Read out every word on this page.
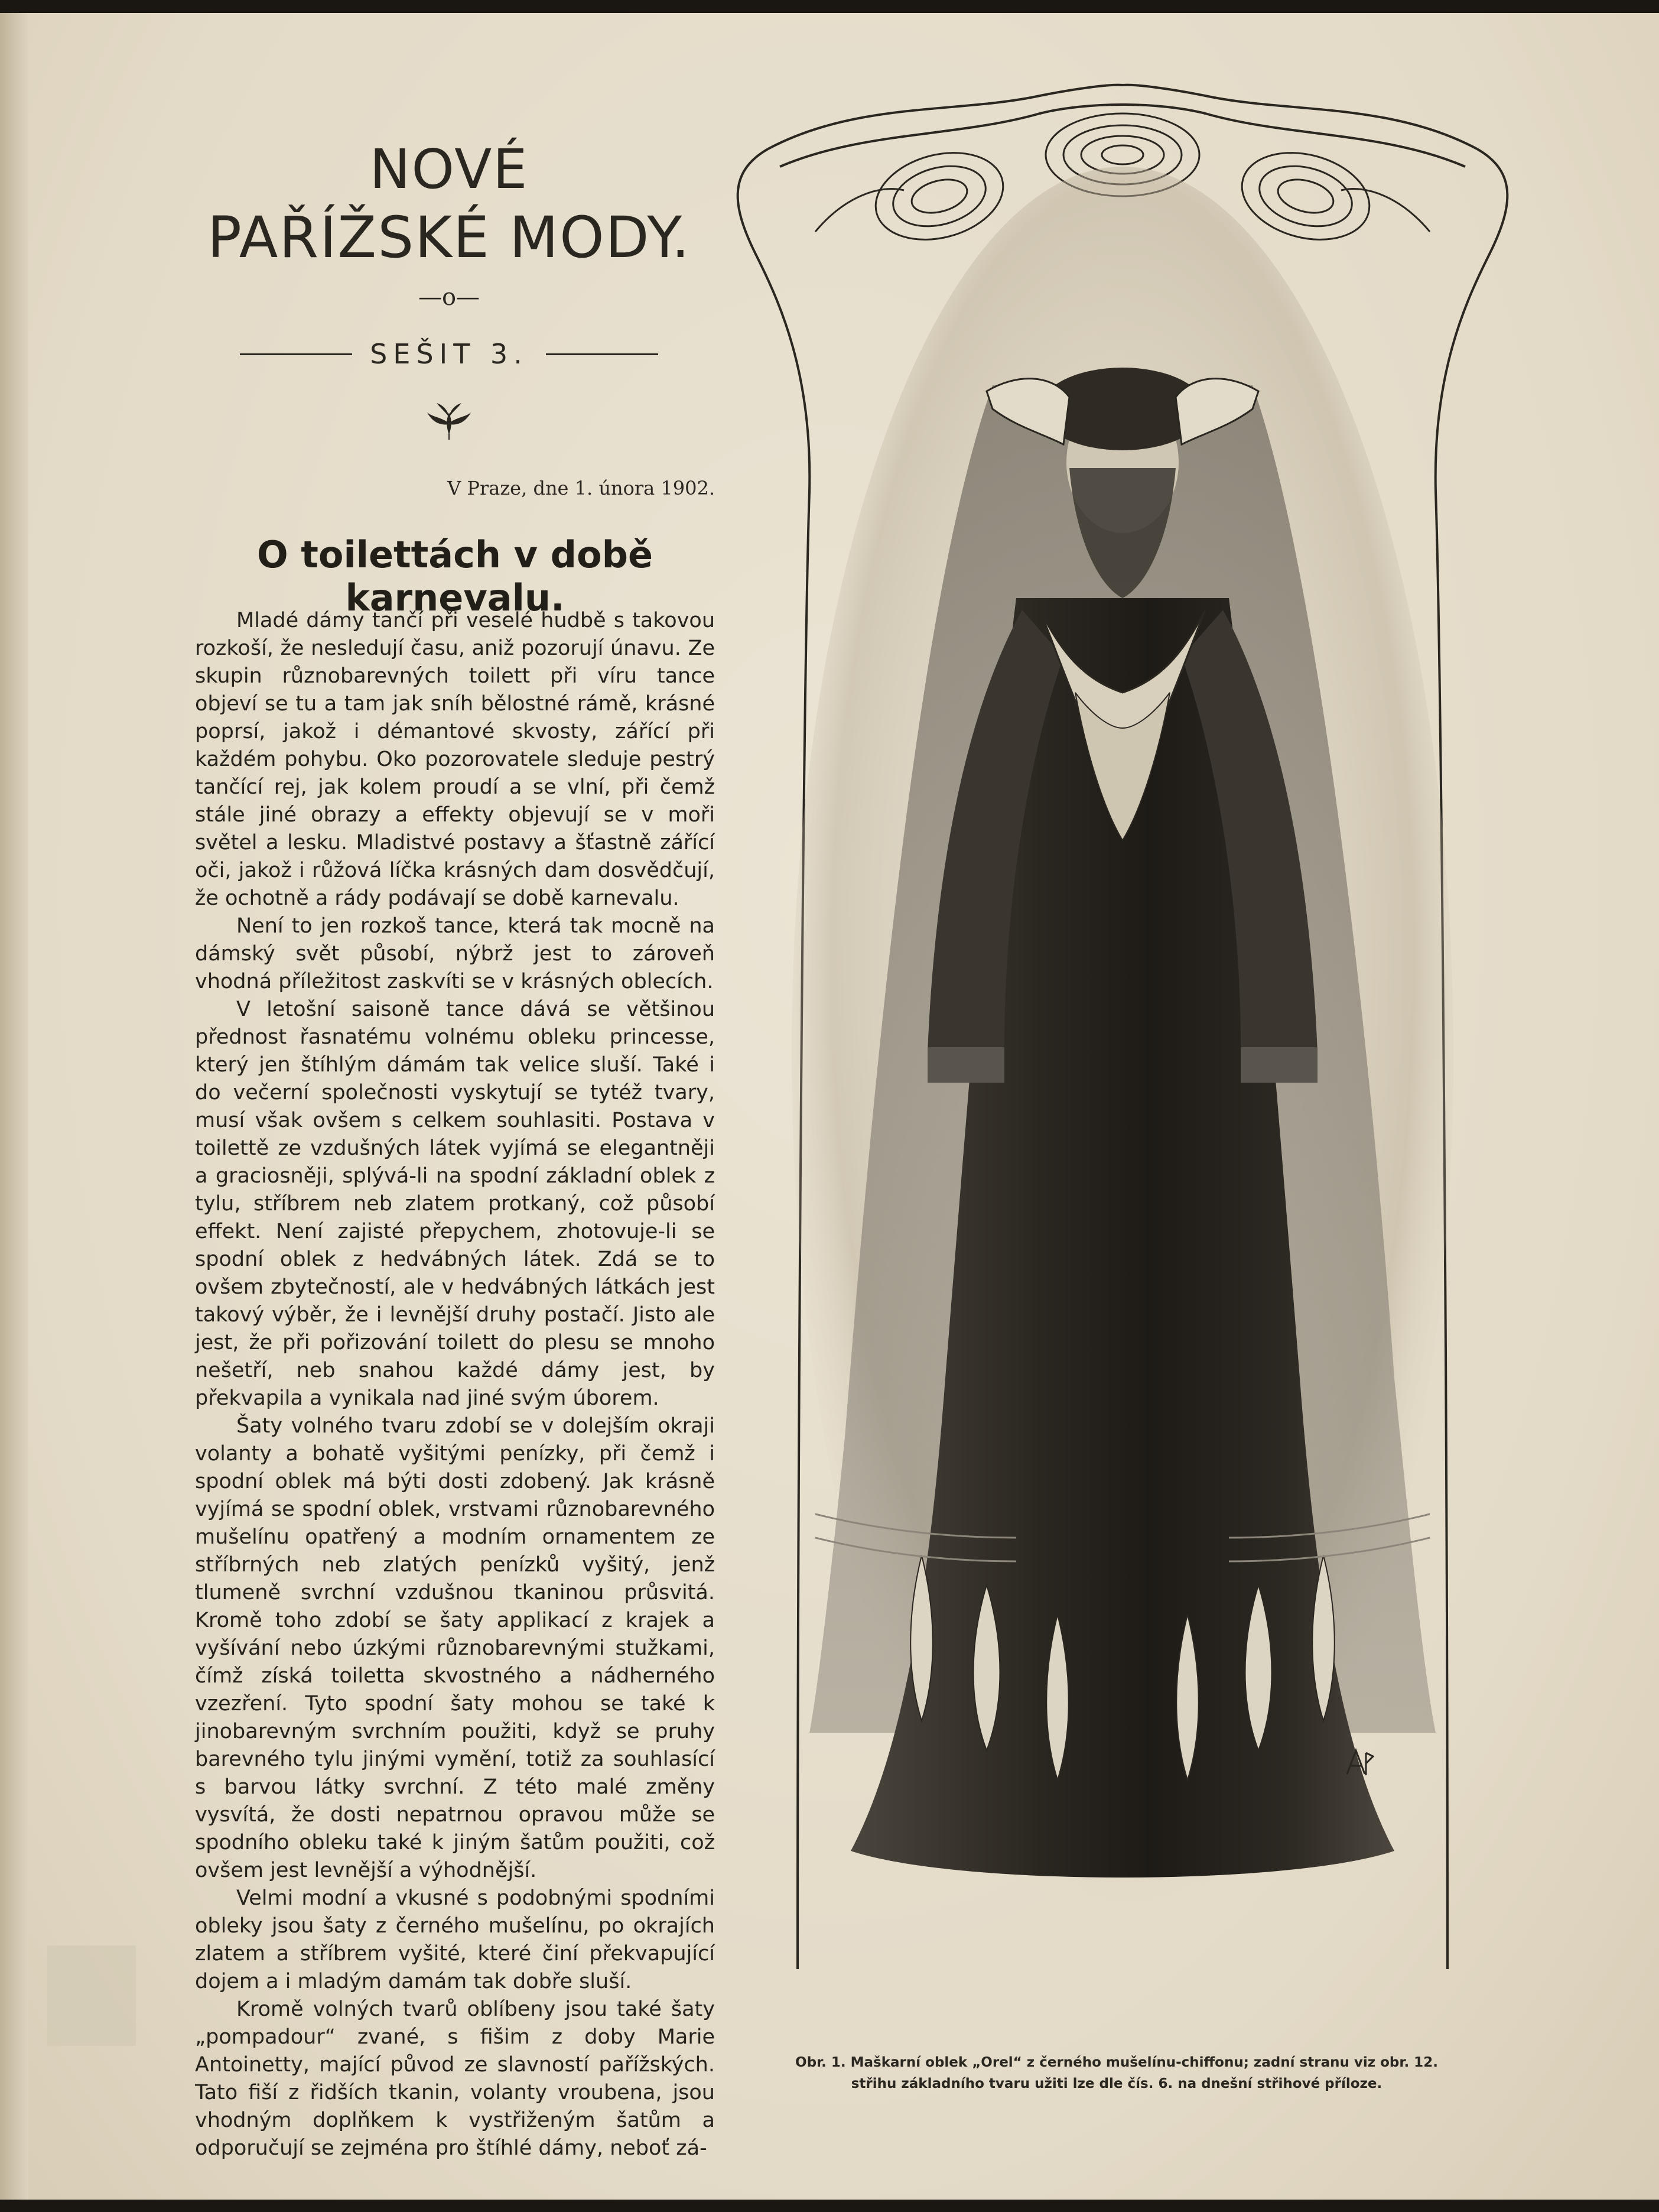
NOVÉ
PAŘÍŽSKÉ MODY.
—o—
SEŠIT 3.
V Praze, dne 1. února 1902.
O toilettách v době karnevalu.

Mladé dámy tančí při veselé hudbě s takovou rozkoší, že nesledují času, aniž pozorují únavu. Ze skupin různobarevných toilett při víru tance objeví se tu a tam jak sníh bělostné rámě, krásné poprsí, jakož i démantové skvosty, zářící při každém pohybu. Oko pozorovatele sleduje pestrý tančící rej, jak kolem proudí a se vlní, při čemž stále jiné obrazy a effekty objevují se v moři světel a lesku. Mladistvé postavy a šťastně zářící oči, jakož i růžová líčka krásných dam dosvědčují, že ochotně a rády podávají se době karnevalu.

Není to jen rozkoš tance, která tak mocně na dámský svět působí, nýbrž jest to zároveň vhodná příležitost zaskvíti se v krásných oblecích.

V letošní saisoně tance dává se většinou přednost řasnatému volnému obleku princesse, který jen štíhlým dámám tak velice sluší. Také i do večerní společnosti vyskytují se tytéž tvary, musí však ovšem s celkem souhlasiti. Postava v toilettě ze vzdušných látek vyjímá se elegantněji a graciosněji, splývá-li na spodní základní oblek z tylu, stříbrem neb zlatem protkaný, což působí effekt. Není zajisté přepychem, zhotovuje-li se spodní oblek z hedvábných látek. Zdá se to ovšem zbytečností, ale v hedvábných látkách jest takový výběr, že i levnější druhy postačí. Jisto ale jest, že při pořizování toilett do plesu se mnoho nešetří, neb snahou každé dámy jest, by překvapila a vynikala nad jiné svým úborem.

Šaty volného tvaru zdobí se v dolejším okraji volanty a bohatě vyšitými penízky, při čemž i spodní oblek má býti dosti zdobený. Jak krásně vyjímá se spodní oblek, vrstvami různobarevného mušelínu opatřený a modním ornamentem ze stříbrných neb zlatých penízků vyšitý, jenž tlumeně svrchní vzdušnou tkaninou průsvitá. Kromě toho zdobí se šaty applikací z krajek a vyšívání nebo úzkými různobarevnými stužkami, čímž získá toiletta skvostného a nádherného vzezření. Tyto spodní šaty mohou se také k jinobarevným svrchním použiti, když se pruhy barevného tylu jinými vymění, totiž za souhlasící s barvou látky svrchní. Z této malé změny vysvítá, že dosti nepatrnou opravou může se spodního obleku také k jiným šatům použiti, což ovšem jest levnější a výhodnější.

Velmi modní a vkusné s podobnými spodními obleky jsou šaty z černého mušelínu, po okrajích zlatem a stříbrem vyšité, které činí překvapující dojem a i mladým damám tak dobře sluší.

Kromě volných tvarů oblíbeny jsou také šaty „pompadour“ zvané, s fišim z doby Marie Antoinetty, mající původ ze slavností pařížských. Tato fiší z řidších tkanin, volanty vroubena, jsou vhodným doplňkem k vystřiženým šatům a odporučují se zejména pro štíhlé dámy, neboť zá-

Obr. 1. Maškarní oblek „Orel“ z černého mušelínu-chiffonu; zadní stranu viz obr. 12.
střihu základního tvaru užiti lze dle čís. 6. na dnešní střihové příloze.
